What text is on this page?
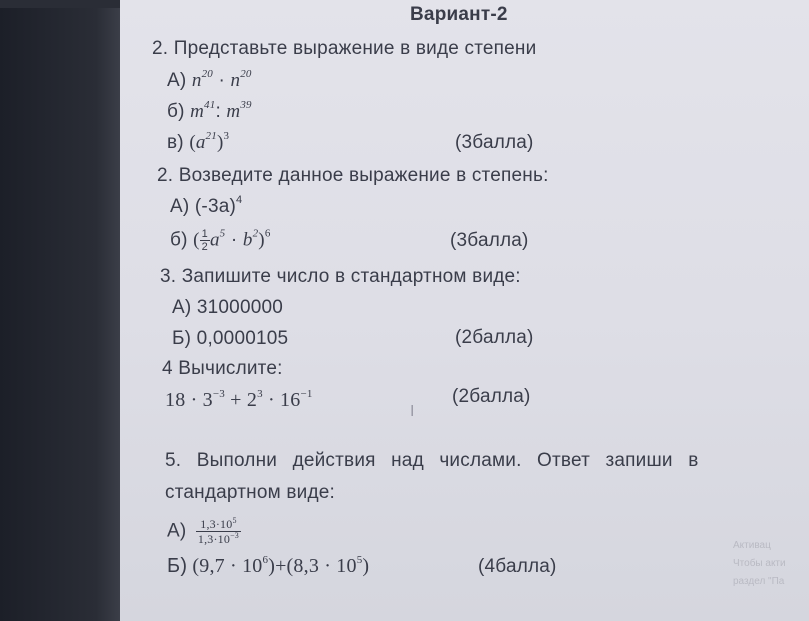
Вариант-2
2. Представьте выражение в виде степени
А) $n^{20} \cdot n^{20}$
б) $m^{41}$: $m^{39}$
в) $(a^{21})^3$	(3балла)
2. Возведите данное выражение в степень:
А) $(-3a)^4$
б) ( $\frac{1}{2} a^5 \cdot b^2)^6$	(3балла)
3. Запишите число в стандартном виде:
А) 31000000
Б) 0,0000105	(2балла)
4 Вычислите:
$18 \cdot 3^{-3} + 2^3 \cdot 16^{-1}$	(2балла)
I
5. Выполни действия над числами. Ответ запиши в
стандартном виде:
$А) \frac{1,3\cdot 10^5}{1,3\cdot 10^{-3}}$
Б) $(9,7 \cdot 10^6)+(8,3 \cdot 10^5)$	(4балла)
Активац
Чтобы акти
раздел "Па
